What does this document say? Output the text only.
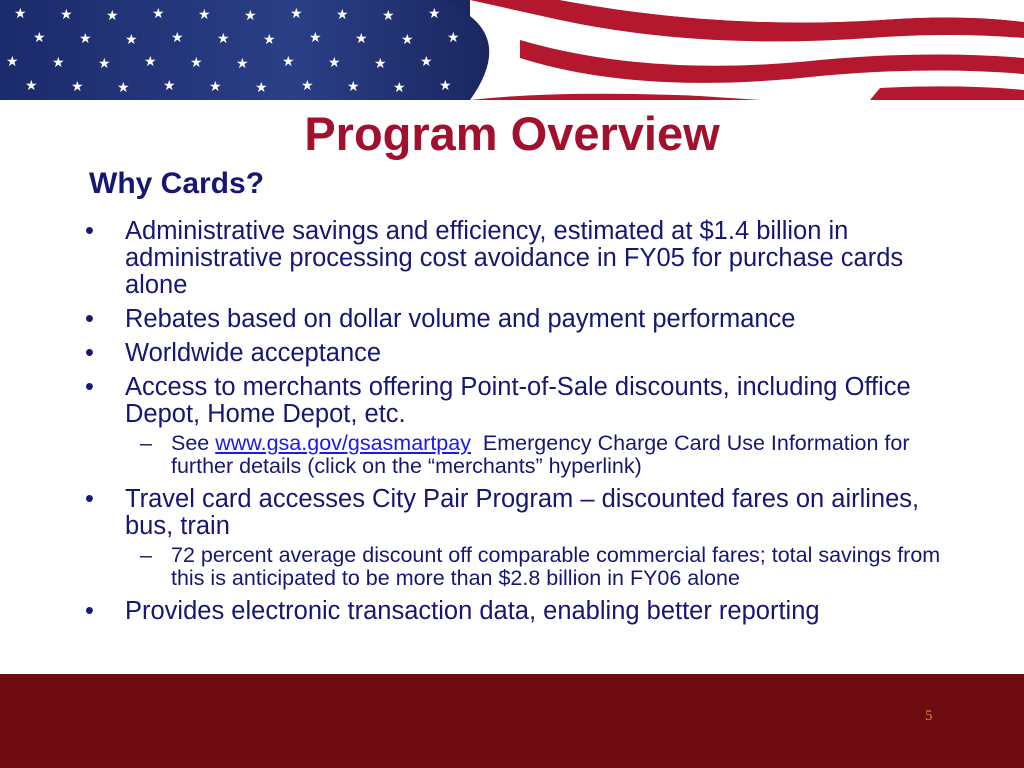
★ ★ ★ ★ ★ ★ ★ ★ ★ ★
★ ★ ★ ★ ★ ★ ★ ★ ★ ★
★ ★ ★ ★ ★ ★ ★ ★ ★ ★
★ ★ ★ ★ ★ ★ ★ ★ ★ ★
Program Overview
Why Cards?
• Administrative savings and efficiency, estimated at $1.4 billion in administrative processing cost avoidance in FY05 for purchase cards alone
• Rebates based on dollar volume and payment performance
• Worldwide acceptance
• Access to merchants offering Point-of-Sale discounts, including Office Depot, Home Depot, etc.
– See www.gsa.gov/gsasmartpay  Emergency Charge Card Use Information for further details (click on the “merchants” hyperlink)
• Travel card accesses City Pair Program – discounted fares on airlines, bus, train
– 72 percent average discount off comparable commercial fares; total savings from this is anticipated to be more than $2.8 billion in FY06 alone
• Provides electronic transaction data, enabling better reporting
5
